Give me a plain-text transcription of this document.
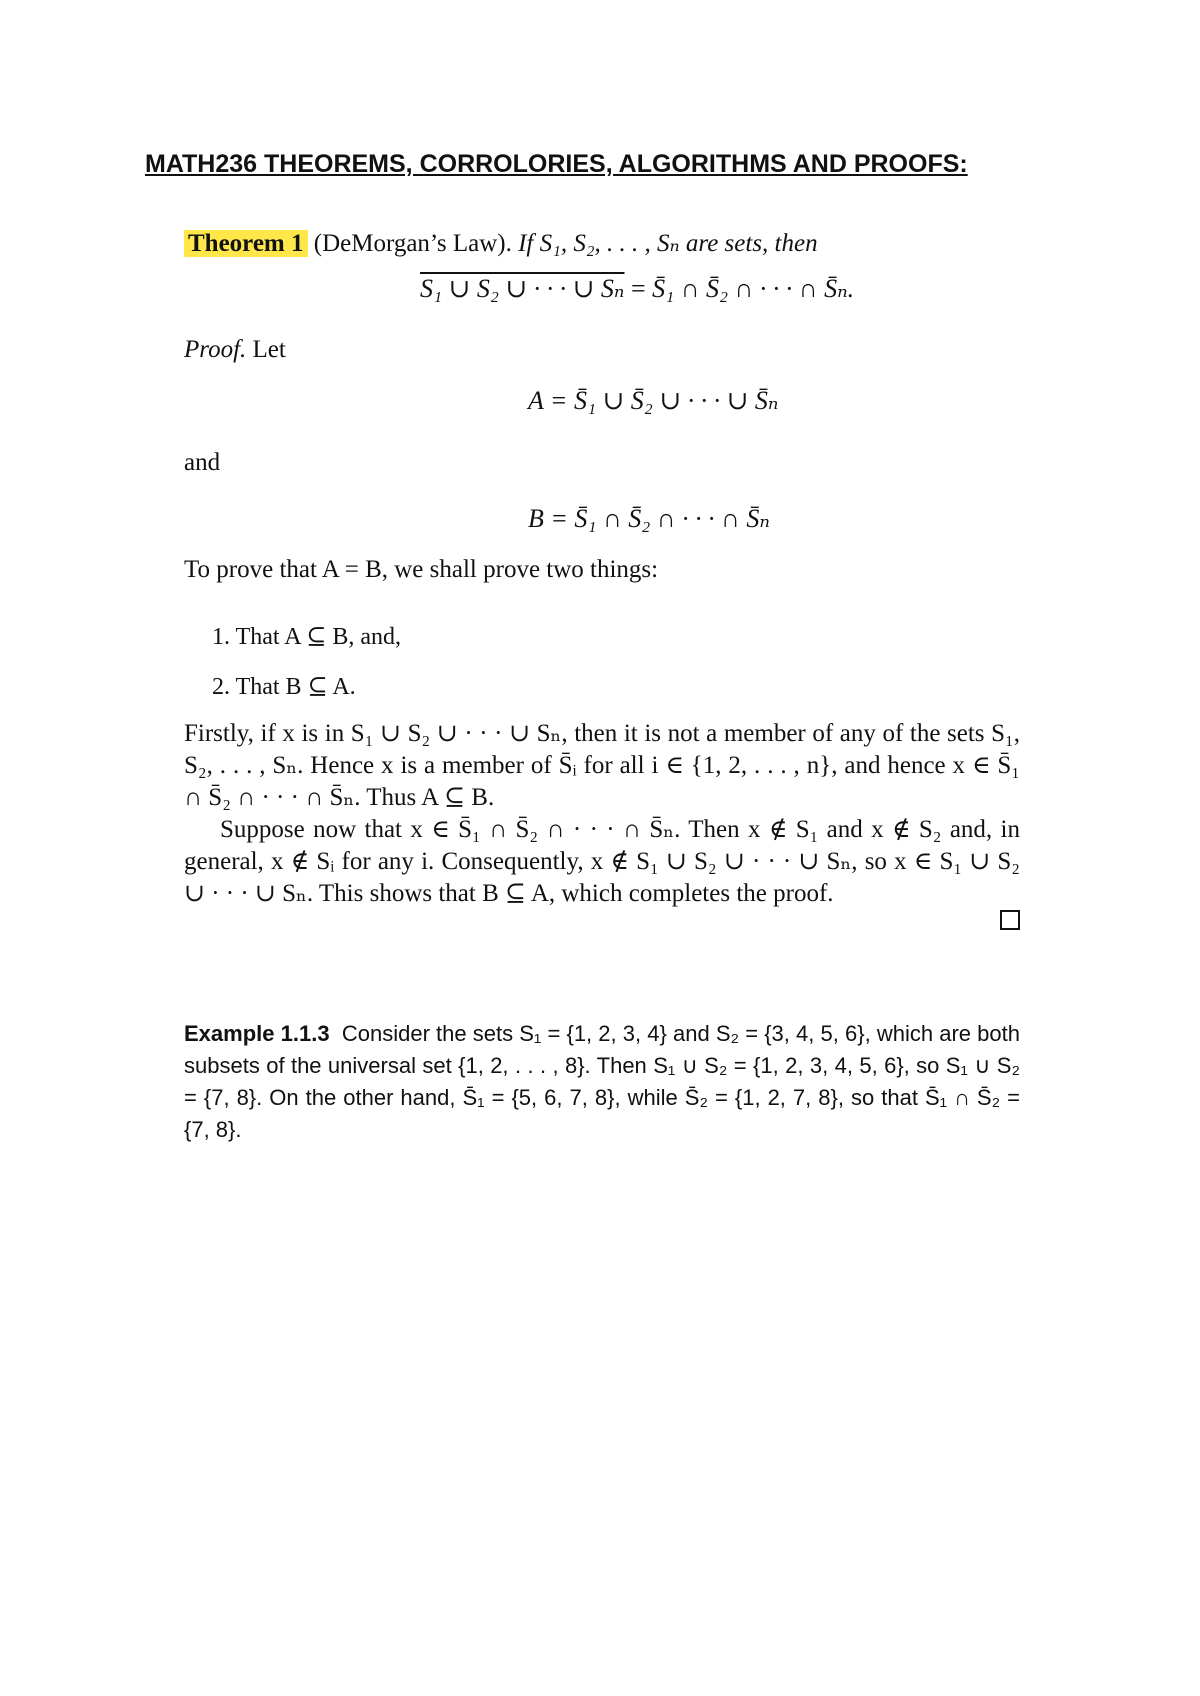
MATH236 THEOREMS, CORROLORIES, ALGORITHMS AND PROOFS:
Theorem 1 (DeMorgan’s Law). If S₁, S₂, . . . , Sₙ are sets, then
S₁ ∪ S₂ ∪ · · · ∪ Sₙ = S̄₁ ∩ S̄₂ ∩ · · · ∩ S̄ₙ.
Proof. Let
A = S̄₁ ∪ S̄₂ ∪ · · · ∪ S̄ₙ
and
B = S̄₁ ∩ S̄₂ ∩ · · · ∩ S̄ₙ
To prove that A = B, we shall prove two things:
1. That A ⊆ B, and,
2. That B ⊆ A.

Firstly, if x is in S₁ ∪ S₂ ∪ · · · ∪ Sₙ, then it is not a member of any of the sets S₁, S₂, . . . , Sₙ. Hence x is a member of S̄ᵢ for all i ∈ {1, 2, . . . , n}, and hence x ∈ S̄₁ ∩ S̄₂ ∩ · · · ∩ S̄ₙ. Thus A ⊆ B.

Suppose now that x ∈ S̄₁ ∩ S̄₂ ∩ · · · ∩ S̄ₙ. Then x ∉ S₁ and x ∉ S₂ and, in general, x ∉ Sᵢ for any i. Consequently, x ∉ S₁ ∪ S₂ ∪ · · · ∪ Sₙ, so x ∈ S₁ ∪ S₂ ∪ · · · ∪ Sₙ. This shows that B ⊆ A, which completes the proof.

Example 1.1.3 Consider the sets S₁ = {1, 2, 3, 4} and S₂ = {3, 4, 5, 6}, which are both subsets of the universal set {1, 2, . . . , 8}. Then S₁ ∪ S₂ = {1, 2, 3, 4, 5, 6}, so S₁ ∪ S₂ = {7, 8}. On the other hand, S̄₁ = {5, 6, 7, 8}, while S̄₂ = {1, 2, 7, 8}, so that S̄₁ ∩ S̄₂ = {7, 8}.
